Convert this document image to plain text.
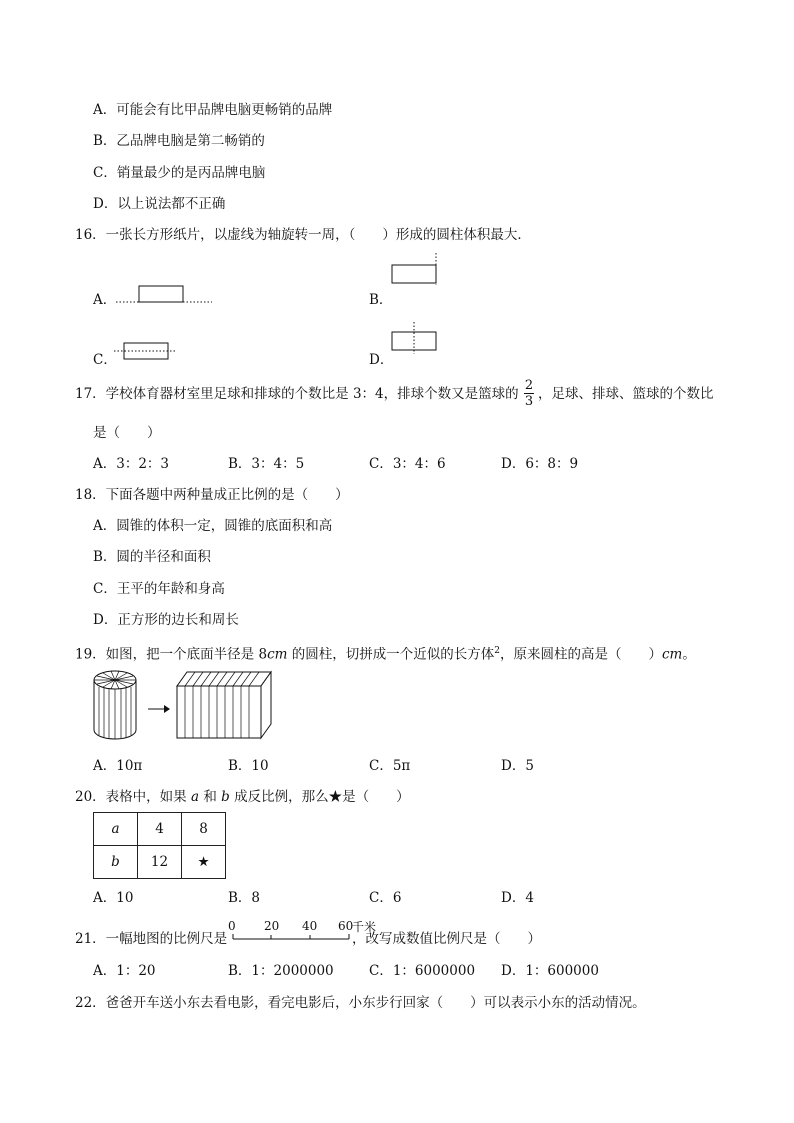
A．可能会有比甲品牌电脑更畅销的品牌
B．乙品牌电脑是第二畅销的
C．销量最少的是丙品牌电脑
D．以上说法都不正确
16．一张长方形纸片，以虚线为轴旋转一周，（　　）形成的圆柱体积最大．
A．	B．
C．	D．
17．学校体育器材室里足球和排球的个数比是 3：4，排球个数又是篮球的
2
3 ，足球、排球、篮球的个数比
是（　　）
A．3：2：3	B．3：4：5	C．3：4：6	D．6：8：9
18．下面各题中两种量成正比例的是（　　）
A．圆锥的体积一定，圆锥的底面积和高
B．圆的半径和面积
C．王平的年龄和身高
D．正方形的边长和周长
19．如图，把一个底面半径是 8cm 的圆柱，切拼成一个近似的长方体$^2$，原来圆柱的高是（　　）cm。
A．10π	B．10	C．5π	D．5
20．表格中，如果 a 和 b 成反比例，那么★是（　　）
a	4	8
b	12	★
A．10	B．8	C．6	D．4
21．一幅地图的比例尺是
0 20 40 60
千米
，改写成数值比例尺是（　　）
A．1：20	B．1：2000000	C．1：6000000 D．1：600000
22．爸爸开车送小东去看电影，看完电影后，小东步行回家（　　）可以表示小东的活动情况。
